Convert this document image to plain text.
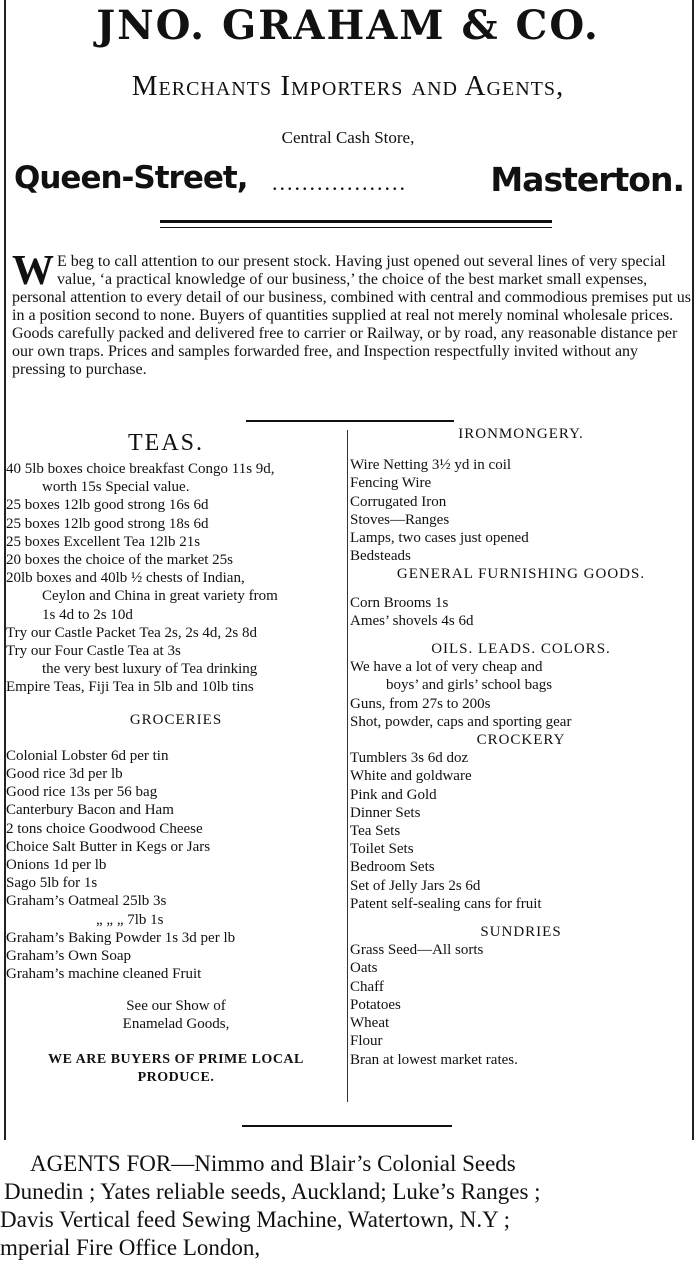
JNO. GRAHAM & CO.
Merchants Importers and Agents,
Central Cash Store,
Queen-Street, ..................	Masterton.
W E beg to call attention to our present stock. Having just opened out several lines of very special value, ‘a practical knowledge of our business,’ the choice of the best market small expenses, personal attention to every detail of our business, combined with central and commodious premises put us in a position second to none. Buyers of quantities supplied at real not merely nominal wholesale prices. Goods carefully packed and delivered free to carrier or Railway, or by road, any reasonable distance per our own traps. Prices and samples forwarded free, and Inspection respectfully invited without any pressing to purchase.
TEAS.
40 5lb boxes choice breakfast Congo 11s 9d,
worth 15s Special value.
25 boxes 12lb good strong 16s 6d
25 boxes 12lb good strong 18s 6d
25 boxes Excellent Tea 12lb 21s
20 boxes the choice of the market 25s
20lb boxes and 40lb ½ chests of Indian,
Ceylon and China in great variety from
1s 4d to 2s 10d
Try our Castle Packet Tea 2s, 2s 4d, 2s 8d
Try our Four Castle Tea at 3s
the very best luxury of Tea drinking
Empire Teas, Fiji Tea in 5lb and 10lb tins
GROCERIES
Colonial Lobster 6d per tin
Good rice 3d per lb
Good rice 13s per 56 bag
Canterbury Bacon and Ham
2 tons choice Goodwood Cheese
Choice Salt Butter in Kegs or Jars
Onions 1d per lb
Sago 5lb for 1s
Graham’s Oatmeal 25lb 3s
„ „ „ 7lb 1s
Graham’s Baking Powder 1s 3d per lb
Graham’s Own Soap
Graham’s machine cleaned Fruit
See our Show of
Enamelad Goods,
WE ARE BUYERS OF PRIME LOCAL
PRODUCE.
IRONMONGERY.
Wire Netting 3½ yd in coil
Fencing Wire
Corrugated Iron
Stoves—Ranges
Lamps, two cases just opened
Bedsteads
GENERAL FURNISHING GOODS.
Corn Brooms 1s
Ames’ shovels 4s 6d
OILS. LEADS. COLORS.
We have a lot of very cheap and
boys’ and girls’ school bags
Guns, from 27s to 200s
Shot, powder, caps and sporting gear
CROCKERY
Tumblers 3s 6d doz
White and goldware
Pink and Gold
Dinner Sets
Tea Sets
Toilet Sets
Bedroom Sets
Set of Jelly Jars 2s 6d
Patent self-sealing cans for fruit
SUNDRIES
Grass Seed—All sorts
Oats
Chaff
Potatoes
Wheat
Flour
Bran at lowest market rates.
AGENTS FOR—Nimmo and Blair’s Colonial Seeds
Dunedin ; Yates reliable seeds, Auckland; Luke’s Ranges ;
Davis Vertical feed Sewing Machine, Watertown, N.Y ;
mperial Fire Office London,
